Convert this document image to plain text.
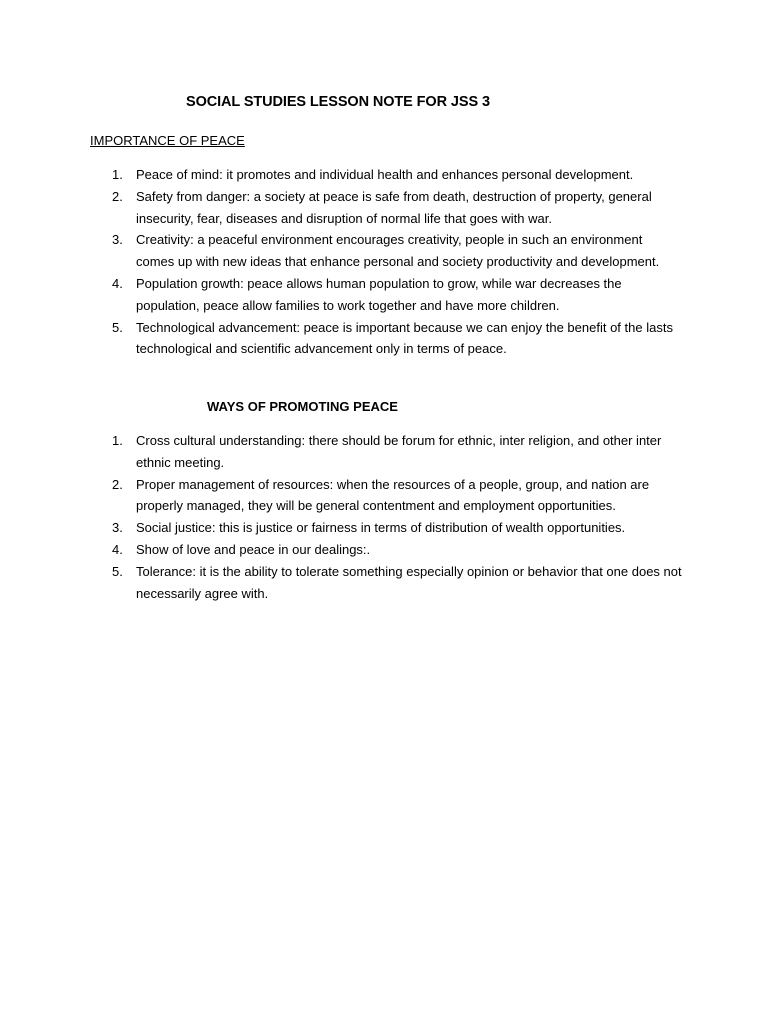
SOCIAL STUDIES LESSON NOTE FOR JSS 3
IMPORTANCE OF PEACE
1. Peace of mind: it promotes and individual health and enhances personal development.
2. Safety from danger: a society at peace is safe from death, destruction of property, general insecurity, fear, diseases and disruption of normal life that goes with war.
3. Creativity: a peaceful environment encourages creativity, people in such an environment comes up with new ideas that enhance personal and society productivity and development.
4. Population growth: peace allows human population to grow, while war decreases the population, peace allow families to work together and have more children.
5. Technological advancement: peace is important because we can enjoy the benefit of the lasts technological and scientific advancement only in terms of peace.
WAYS OF PROMOTING PEACE
1. Cross cultural understanding: there should be forum for ethnic, inter religion, and other inter ethnic meeting.
2. Proper management of resources: when the resources of a people, group, and nation are properly managed, they will be general contentment and employment opportunities.
3. Social justice: this is justice or fairness in terms of distribution of wealth opportunities.
4. Show of love and peace in our dealings:.
5. Tolerance: it is the ability to tolerate something especially opinion or behavior that one does not necessarily agree with.
